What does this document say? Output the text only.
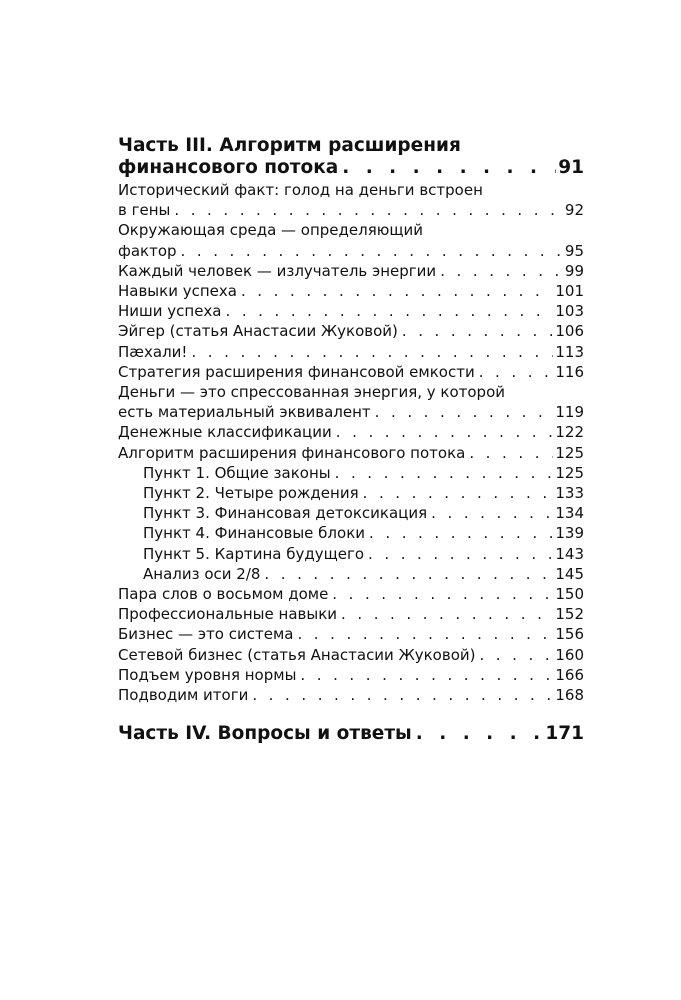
Часть III. Алгоритм расширения
финансового потока . . .	91
Исторический факт: голод на деньги встроен
в гены . . .	92
Окружающая среда — определяющий
фактор . . .	95
Каждый человек — излучатель энергии . . .	99
Навыки успеха . . .	101
Ниши успеха . . .	103
Эйгер (статья Анастасии Жуковой) . . .	106
Пæхали! . . .	113
Стратегия расширения финансовой емкости . . .	116
Деньги — это спрессованная энергия, у которой
есть материальный эквивалент . . .	119
Денежные классификации . . .	122
Алгоритм расширения финансового потока . . .	125
Пункт 1. Общие законы . . .	125
Пункт 2. Четыре рождения . . .	133
Пункт 3. Финансовая детоксикация . . .	134
Пункт 4. Финансовые блоки . . .	139
Пункт 5. Картина будущего . . .	143
Анализ оси 2/8 . . .	145
Пара слов о восьмом доме . . .	150
Профессиональные навыки . . .	152
Бизнес — это система . . .	156
Сетевой бизнес (статья Анастасии Жуковой) . . .	160
Подъем уровня нормы . . .	166
Подводим итоги . . .	168
Часть IV. Вопросы и ответы . . .	171
